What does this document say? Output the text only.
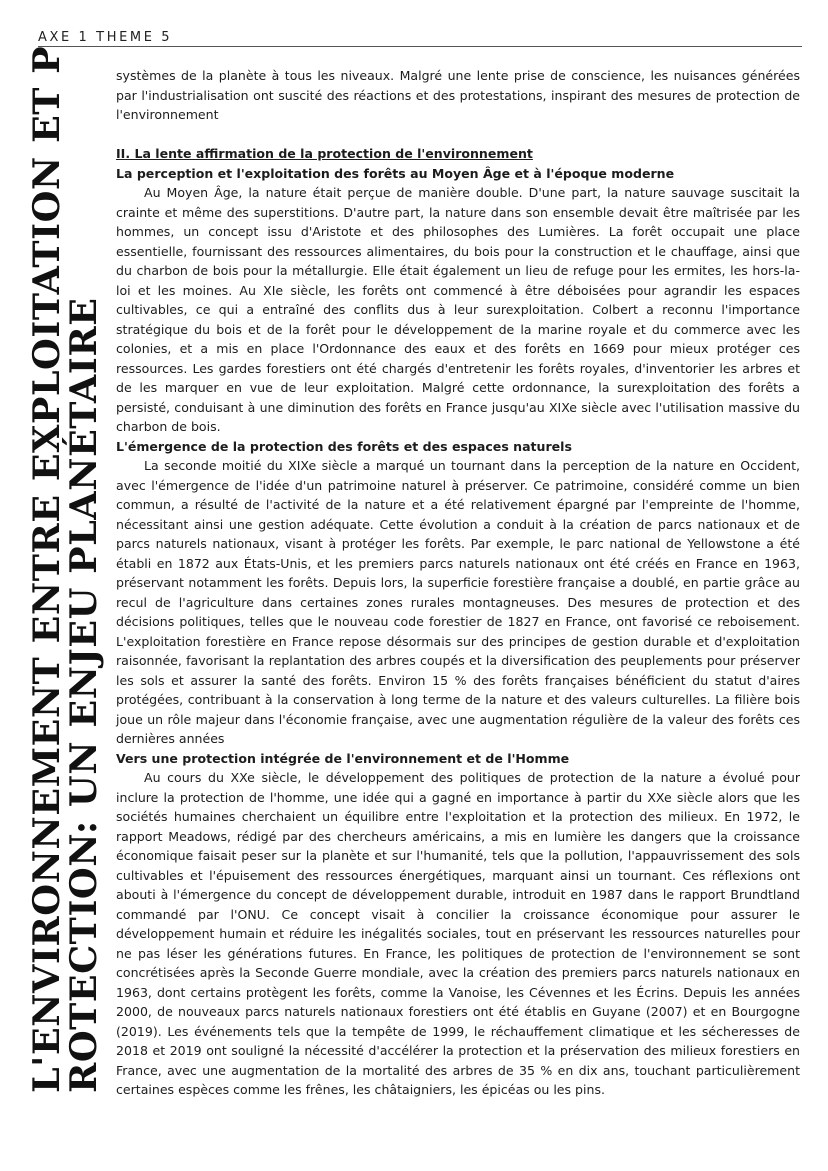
AXE 1 THEME 5
L'ENVIRONNEMENT ENTRE EXPLOITATION ET P
ROTECTION: UN ENJEU PLANÉTAIRE

systèmes de la planète à tous les niveaux. Malgré une lente prise de conscience, les nuisances générées par l'industrialisation ont suscité des réactions et des protestations, inspirant des mesures de protection de l'environnement

II. La lente affirmation de la protection de l'environnement

La perception et l'exploitation des forêts au Moyen Âge et à l'époque moderne

Au Moyen Âge, la nature était perçue de manière double. D'une part, la nature sauvage suscitait la crainte et même des superstitions. D'autre part, la nature dans son ensemble devait être maîtrisée par les hommes, un concept issu d'Aristote et des philosophes des Lumières. La forêt occupait une place essentielle, fournissant des ressources alimentaires, du bois pour la construction et le chauffage, ainsi que du charbon de bois pour la métallurgie. Elle était également un lieu de refuge pour les ermites, les hors-la-loi et les moines. Au XIe siècle, les forêts ont commencé à être déboisées pour agrandir les espaces cultivables, ce qui a entraîné des conflits dus à leur surexploitation. Colbert a reconnu l'importance stratégique du bois et de la forêt pour le développement de la marine royale et du commerce avec les colonies, et a mis en place l'Ordonnance des eaux et des forêts en 1669 pour mieux protéger ces ressources. Les gardes forestiers ont été chargés d'entretenir les forêts royales, d'inventorier les arbres et de les marquer en vue de leur exploitation. Malgré cette ordonnance, la surexploitation des forêts a persisté, conduisant à une diminution des forêts en France jusqu'au XIXe siècle avec l'utilisation massive du charbon de bois.

L'émergence de la protection des forêts et des espaces naturels

La seconde moitié du XIXe siècle a marqué un tournant dans la perception de la nature en Occident, avec l'émergence de l'idée d'un patrimoine naturel à préserver. Ce patrimoine, considéré comme un bien commun, a résulté de l'activité de la nature et a été relativement épargné par l'empreinte de l'homme, nécessitant ainsi une gestion adéquate. Cette évolution a conduit à la création de parcs nationaux et de parcs naturels nationaux, visant à protéger les forêts. Par exemple, le parc national de Yellowstone a été établi en 1872 aux États-Unis, et les premiers parcs naturels nationaux ont été créés en France en 1963, préservant notamment les forêts. Depuis lors, la superficie forestière française a doublé, en partie grâce au recul de l'agriculture dans certaines zones rurales montagneuses. Des mesures de protection et des décisions politiques, telles que le nouveau code forestier de 1827 en France, ont favorisé ce reboisement. L'exploitation forestière en France repose désormais sur des principes de gestion durable et d'exploitation raisonnée, favorisant la replantation des arbres coupés et la diversification des peuplements pour préserver les sols et assurer la santé des forêts. Environ 15 % des forêts françaises bénéficient du statut d'aires protégées, contribuant à la conservation à long terme de la nature et des valeurs culturelles. La filière bois joue un rôle majeur dans l'économie française, avec une augmentation régulière de la valeur des forêts ces dernières années

Vers une protection intégrée de l'environnement et de l'Homme

Au cours du XXe siècle, le développement des politiques de protection de la nature a évolué pour inclure la protection de l'homme, une idée qui a gagné en importance à partir du XXe siècle alors que les sociétés humaines cherchaient un équilibre entre l'exploitation et la protection des milieux. En 1972, le rapport Meadows, rédigé par des chercheurs américains, a mis en lumière les dangers que la croissance économique faisait peser sur la planète et sur l'humanité, tels que la pollution, l'appauvrissement des sols cultivables et l'épuisement des ressources énergétiques, marquant ainsi un tournant. Ces réflexions ont abouti à l'émergence du concept de développement durable, introduit en 1987 dans le rapport Brundtland commandé par l'ONU. Ce concept visait à concilier la croissance économique pour assurer le développement humain et réduire les inégalités sociales, tout en préservant les ressources naturelles pour ne pas léser les générations futures. En France, les politiques de protection de l'environnement se sont concrétisées après la Seconde Guerre mondiale, avec la création des premiers parcs naturels nationaux en 1963, dont certains protègent les forêts, comme la Vanoise, les Cévennes et les Écrins. Depuis les années 2000, de nouveaux parcs naturels nationaux forestiers ont été établis en Guyane (2007) et en Bourgogne (2019). Les événements tels que la tempête de 1999, le réchauffement climatique et les sécheresses de 2018 et 2019 ont souligné la nécessité d'accélérer la protection et la préservation des milieux forestiers en France, avec une augmentation de la mortalité des arbres de 35 % en dix ans, touchant particulièrement certaines espèces comme les frênes, les châtaigniers, les épicéas ou les pins.
